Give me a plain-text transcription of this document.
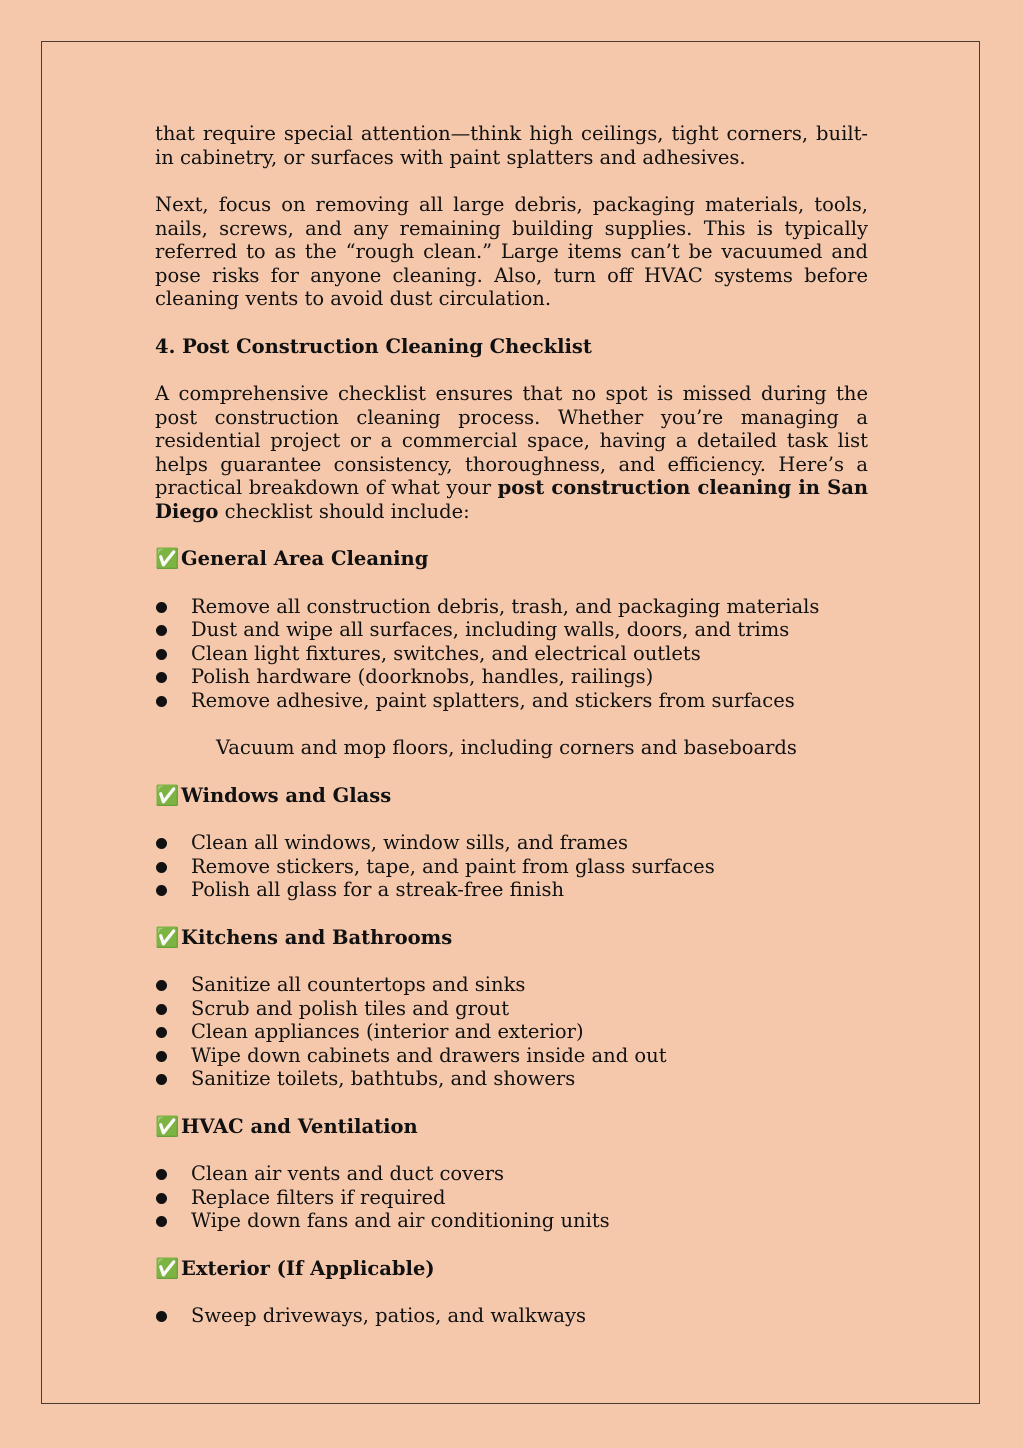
that require special attention—think high ceilings, tight corners, built-in cabinetry, or surfaces with paint splatters and adhesives.

Next, focus on removing all large debris, packaging materials, tools, nails, screws, and any remaining building supplies. This is typically referred to as the “rough clean.” Large items can’t be vacuumed and pose risks for anyone cleaning. Also, turn off HVAC systems before cleaning vents to avoid dust circulation.

4. Post Construction Cleaning Checklist

A comprehensive checklist ensures that no spot is missed during the post construction cleaning process. Whether you’re managing a residential project or a commercial space, having a detailed task list helps guarantee consistency, thoroughness, and efficiency. Here’s a practical breakdown of what your post construction cleaning in San Diego checklist should include:

✅General Area Cleaning
Remove all construction debris, trash, and packaging materials
Dust and wipe all surfaces, including walls, doors, and trims
Clean light fixtures, switches, and electrical outlets
Polish hardware (doorknobs, handles, railings)
Remove adhesive, paint splatters, and stickers from surfaces
Vacuum and mop floors, including corners and baseboards
✅Windows and Glass
Clean all windows, window sills, and frames
Remove stickers, tape, and paint from glass surfaces
Polish all glass for a streak-free finish
✅Kitchens and Bathrooms
Sanitize all countertops and sinks
Scrub and polish tiles and grout
Clean appliances (interior and exterior)
Wipe down cabinets and drawers inside and out
Sanitize toilets, bathtubs, and showers
✅HVAC and Ventilation
Clean air vents and duct covers
Replace filters if required
Wipe down fans and air conditioning units
✅Exterior (If Applicable)
Sweep driveways, patios, and walkways
